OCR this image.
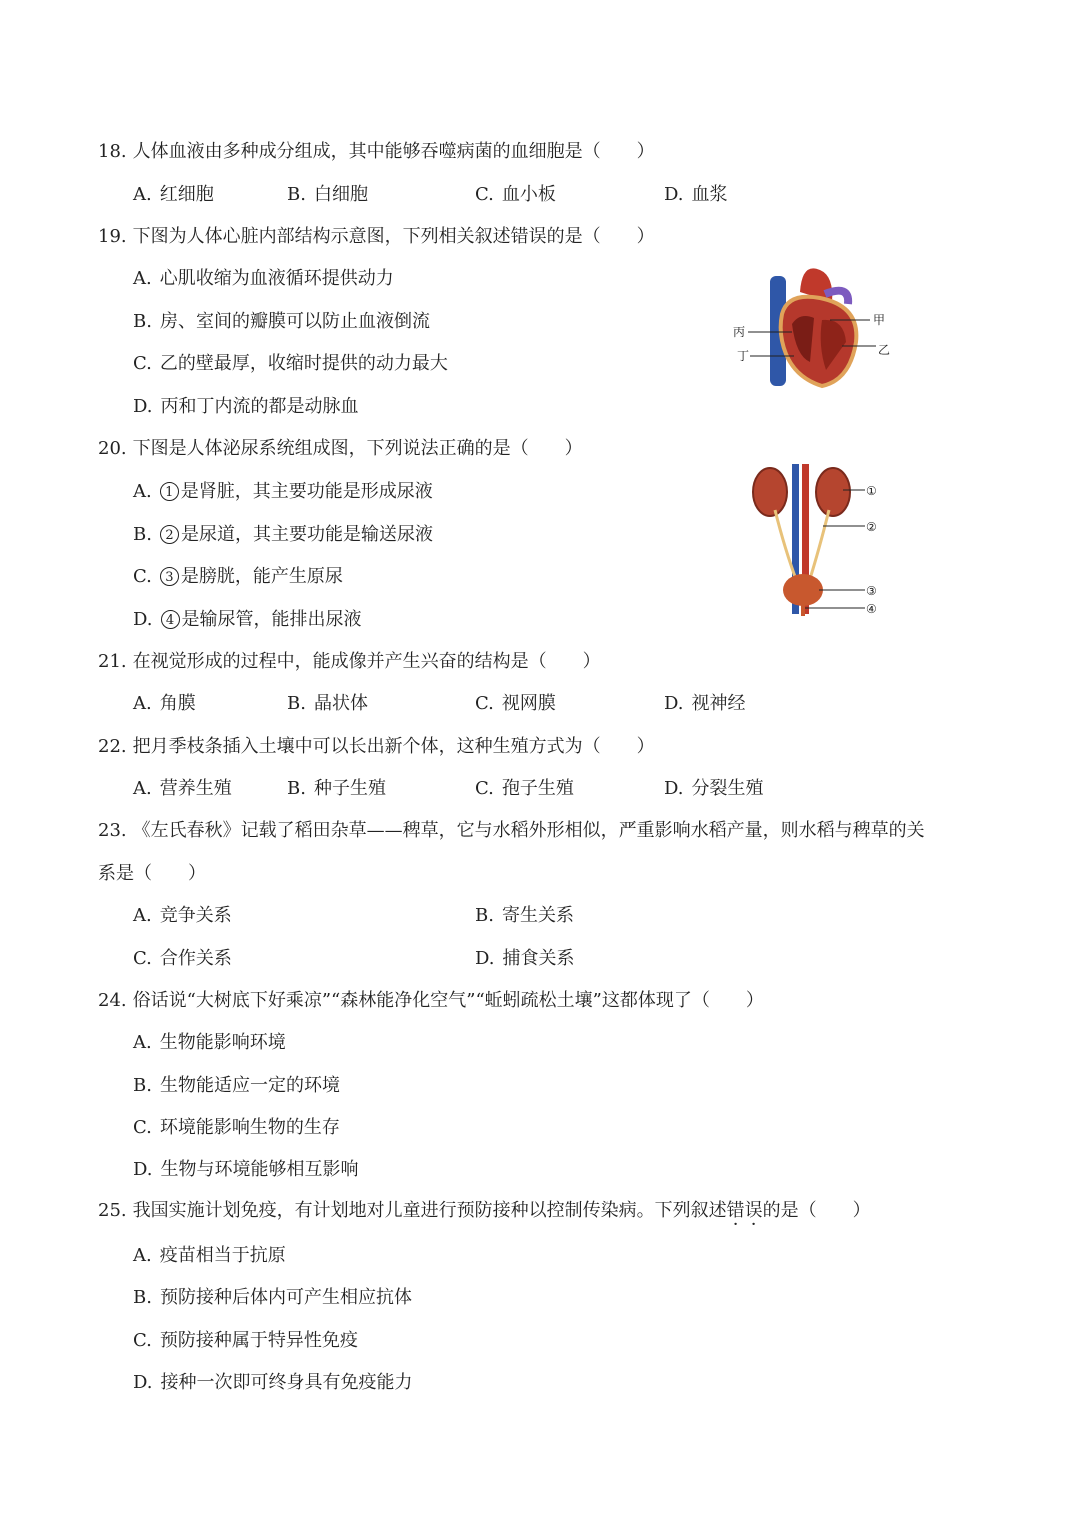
18. 人体血液由多种成分组成，其中能够吞噬病菌的血细胞是（　　）
A. 红细胞	B. 白细胞	C. 血小板	D. 血浆
19. 下图为人体心脏内部结构示意图，下列相关叙述错误的是（　　）
A. 心肌收缩为血液循环提供动力
B. 房、室间的瓣膜可以防止血液倒流
C. 乙的壁最厚，收缩时提供的动力最大
D. 丙和丁内流的都是动脉血
甲
乙
丙
丁
20. 下图是人体泌尿系统组成图，下列说法正确的是（　　）
A. 1 是肾脏，其主要功能是形成尿液
B. 2 是尿道，其主要功能是输送尿液
C. 3 是膀胱，能产生原尿
D. 4 是输尿管，能排出尿液
①
②
③
④
21. 在视觉形成的过程中，能成像并产生兴奋的结构是（　　）
A. 角膜	B. 晶状体	C. 视网膜	D. 视神经
22. 把月季枝条插入土壤中可以长出新个体，这种生殖方式为（　　）
A. 营养生殖	B. 种子生殖	C. 孢子生殖	D. 分裂生殖
23. 《左氏春秋》记载了稻田杂草——稗草，它与水稻外形相似，严重影响水稻产量，则水稻与稗草的关
系是（　　）
A. 竞争关系	B. 寄生关系
C. 合作关系	D. 捕食关系
24. 俗话说“大树底下好乘凉”“森林能净化空气”“蚯蚓疏松土壤”这都体现了（　　）
A. 生物能影响环境
B. 生物能适应一定的环境
C. 环境能影响生物的生存
D. 生物与环境能够相互影响
25. 我国实施计划免疫，有计划地对儿童进行预防接种以控制传染病。下列叙述错误的是（　　）
A. 疫苗相当于抗原
B. 预防接种后体内可产生相应抗体
C. 预防接种属于特异性免疫
D. 接种一次即可终身具有免疫能力
